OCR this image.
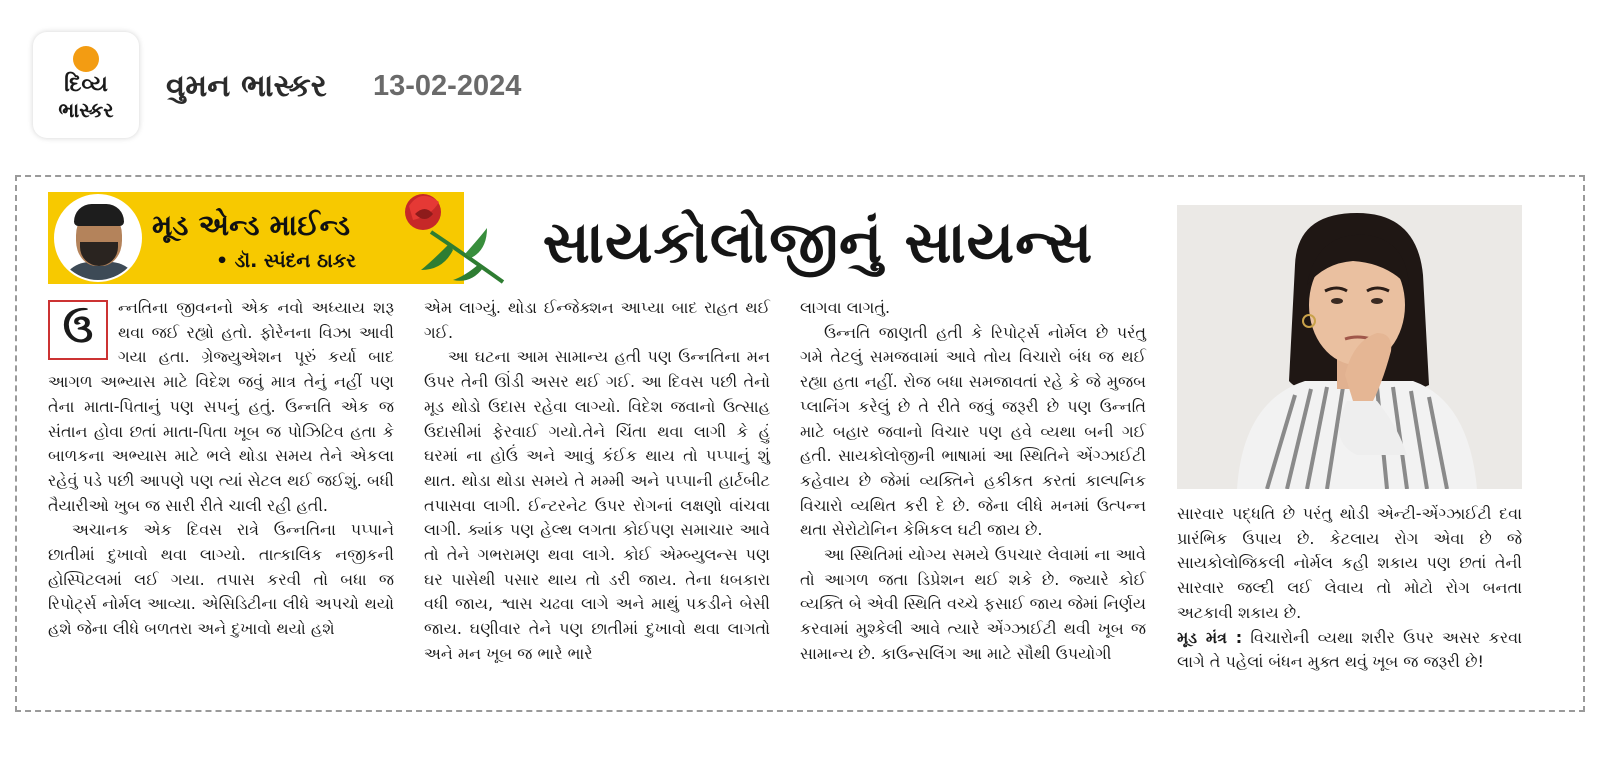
દિવ્ય
ભાસ્કર
વુમન ભાસ્કર 13-02-2024
મૂડ એન્ડ માઈન્ડ
• ડૉ. સ્પંદન ઠાકર	સાયકોલોજીનું સાયન્સ

ઉ	ન્નતિના જીવનનો એક નવો અધ્યાય શરૂ થવા જઈ રહ્યો હતો. ફોરેનના વિઝા આવી ગયા હતા. ગ્રેજ્યુએશન પૂરું કર્યા બાદ આગળ અભ્યાસ માટે વિદેશ જવું માત્ર તેનું નહીં પણ તેના માતા-પિતાનું પણ સપનું હતું. ઉન્નતિ એક જ સંતાન હોવા છતાં માતા-પિતા ખૂબ જ પોઝિટિવ હતા કે બાળકના અભ્યાસ માટે ભલે થોડા સમય તેને એકલા રહેવું પડે પછી આપણે પણ ત્યાં સેટલ થઈ જઈશું. બધી તૈયારીઓ ખુબ જ સારી રીતે ચાલી રહી હતી.

અચાનક એક દિવસ રાત્રે ઉન્નતિના પપ્પાને છાતીમાં દુખાવો થવા લાગ્યો. તાત્કાલિક નજીકની હોસ્પિટલમાં લઈ ગયા. તપાસ કરવી તો બધા જ રિપોર્ટ્સ નોર્મલ આવ્યા. એસિડિટીના લીધે અપચો થયો હશે જેના લીધે બળતરા અને દુખાવો થયો હશે

એમ લાગ્યું. થોડા ઈન્જેક્શન આપ્યા બાદ રાહત થઈ ગઈ.

આ ઘટના આમ સામાન્ય હતી પણ ઉન્નતિના મન ઉપર તેની ઊંડી અસર થઈ ગઈ. આ દિવસ પછી તેનો મૂડ થોડો ઉદાસ રહેવા લાગ્યો. વિદેશ જવાનો ઉત્સાહ ઉદાસીમાં ફેરવાઈ ગયો.તેને ચિંતા થવા લાગી કે હું ઘરમાં ના હોઉં અને આવું કંઈક થાય તો પપ્પાનું શું થાત. થોડા થોડા સમયે તે મમ્મી અને પપ્પાની હાર્ટબીટ તપાસવા લાગી. ઈન્ટરનેટ ઉપર રોગનાં લક્ષણો વાંચવા લાગી. ક્યાંક પણ હેલ્થ લગતા કોઈપણ સમાચાર આવે તો તેને ગભરામણ થવા લાગે. કોઈ એમ્બ્યુલન્સ પણ ઘર પાસેથી પસાર થાય તો ડરી જાય. તેના ધબકારા વધી જાય, શ્વાસ ચઢવા લાગે અને માથું પકડીને બેસી જાય. ઘણીવાર તેને પણ છાતીમાં દુખાવો થવા લાગતો અને મન ખૂબ જ ભારે ભારે

લાગવા લાગતું.

ઉન્નતિ જાણતી હતી કે રિપોર્ટ્સ નોર્મલ છે પરંતુ ગમે તેટલું સમજવામાં આવે તોય વિચારો બંધ જ થઈ રહ્યા હતા નહીં. રોજ બધા સમજાવતાં રહે કે જે મુજબ પ્લાનિંગ કરેલું છે તે રીતે જવું જરૂરી છે પણ ઉન્નતિ માટે બહાર જવાનો વિચાર પણ હવે વ્યથા બની ગઈ હતી. સાયકોલોજીની ભાષામાં આ સ્થિતિને એંગ્ઝાઈટી કહેવાય છે જેમાં વ્યક્તિને હકીકત કરતાં કાલ્પનિક વિચારો વ્યથિત કરી દે છે. જેના લીધે મનમાં ઉત્પન્ન થતા સેરોટોનિન કેમિકલ ઘટી જાય છે.

આ સ્થિતિમાં યોગ્ય સમયે ઉપચાર લેવામાં ના આવે તો આગળ જતા ડિપ્રેશન થઈ શકે છે. જ્યારે કોઈ વ્યક્તિ બે એવી સ્થિતિ વચ્ચે ફસાઈ જાય જેમાં નિર્ણય કરવામાં મુશ્કેલી આવે ત્યારે એંગ્ઝાઈટી થવી ખૂબ જ સામાન્ય છે. કાઉન્સલિંગ આ માટે સૌથી ઉપયોગી

સારવાર પદ્ધતિ છે પરંતુ થોડી એન્ટી-એંગ્ઝાઈટી દવા પ્રારંભિક ઉપાય છે. કેટલાય રોગ એવા છે જે સાયકોલોજિકલી નોર્મલ કહી શકાય પણ છતાં તેની સારવાર જલ્દી લઈ લેવાય તો મોટો રોગ બનતા અટકાવી શકાય છે.

મૂડ મંત્ર : વિચારોની વ્યથા શરીર ઉપર અસર કરવા લાગે તે પહેલાં બંધન મુક્ત થવું ખૂબ જ જરૂરી છે!
